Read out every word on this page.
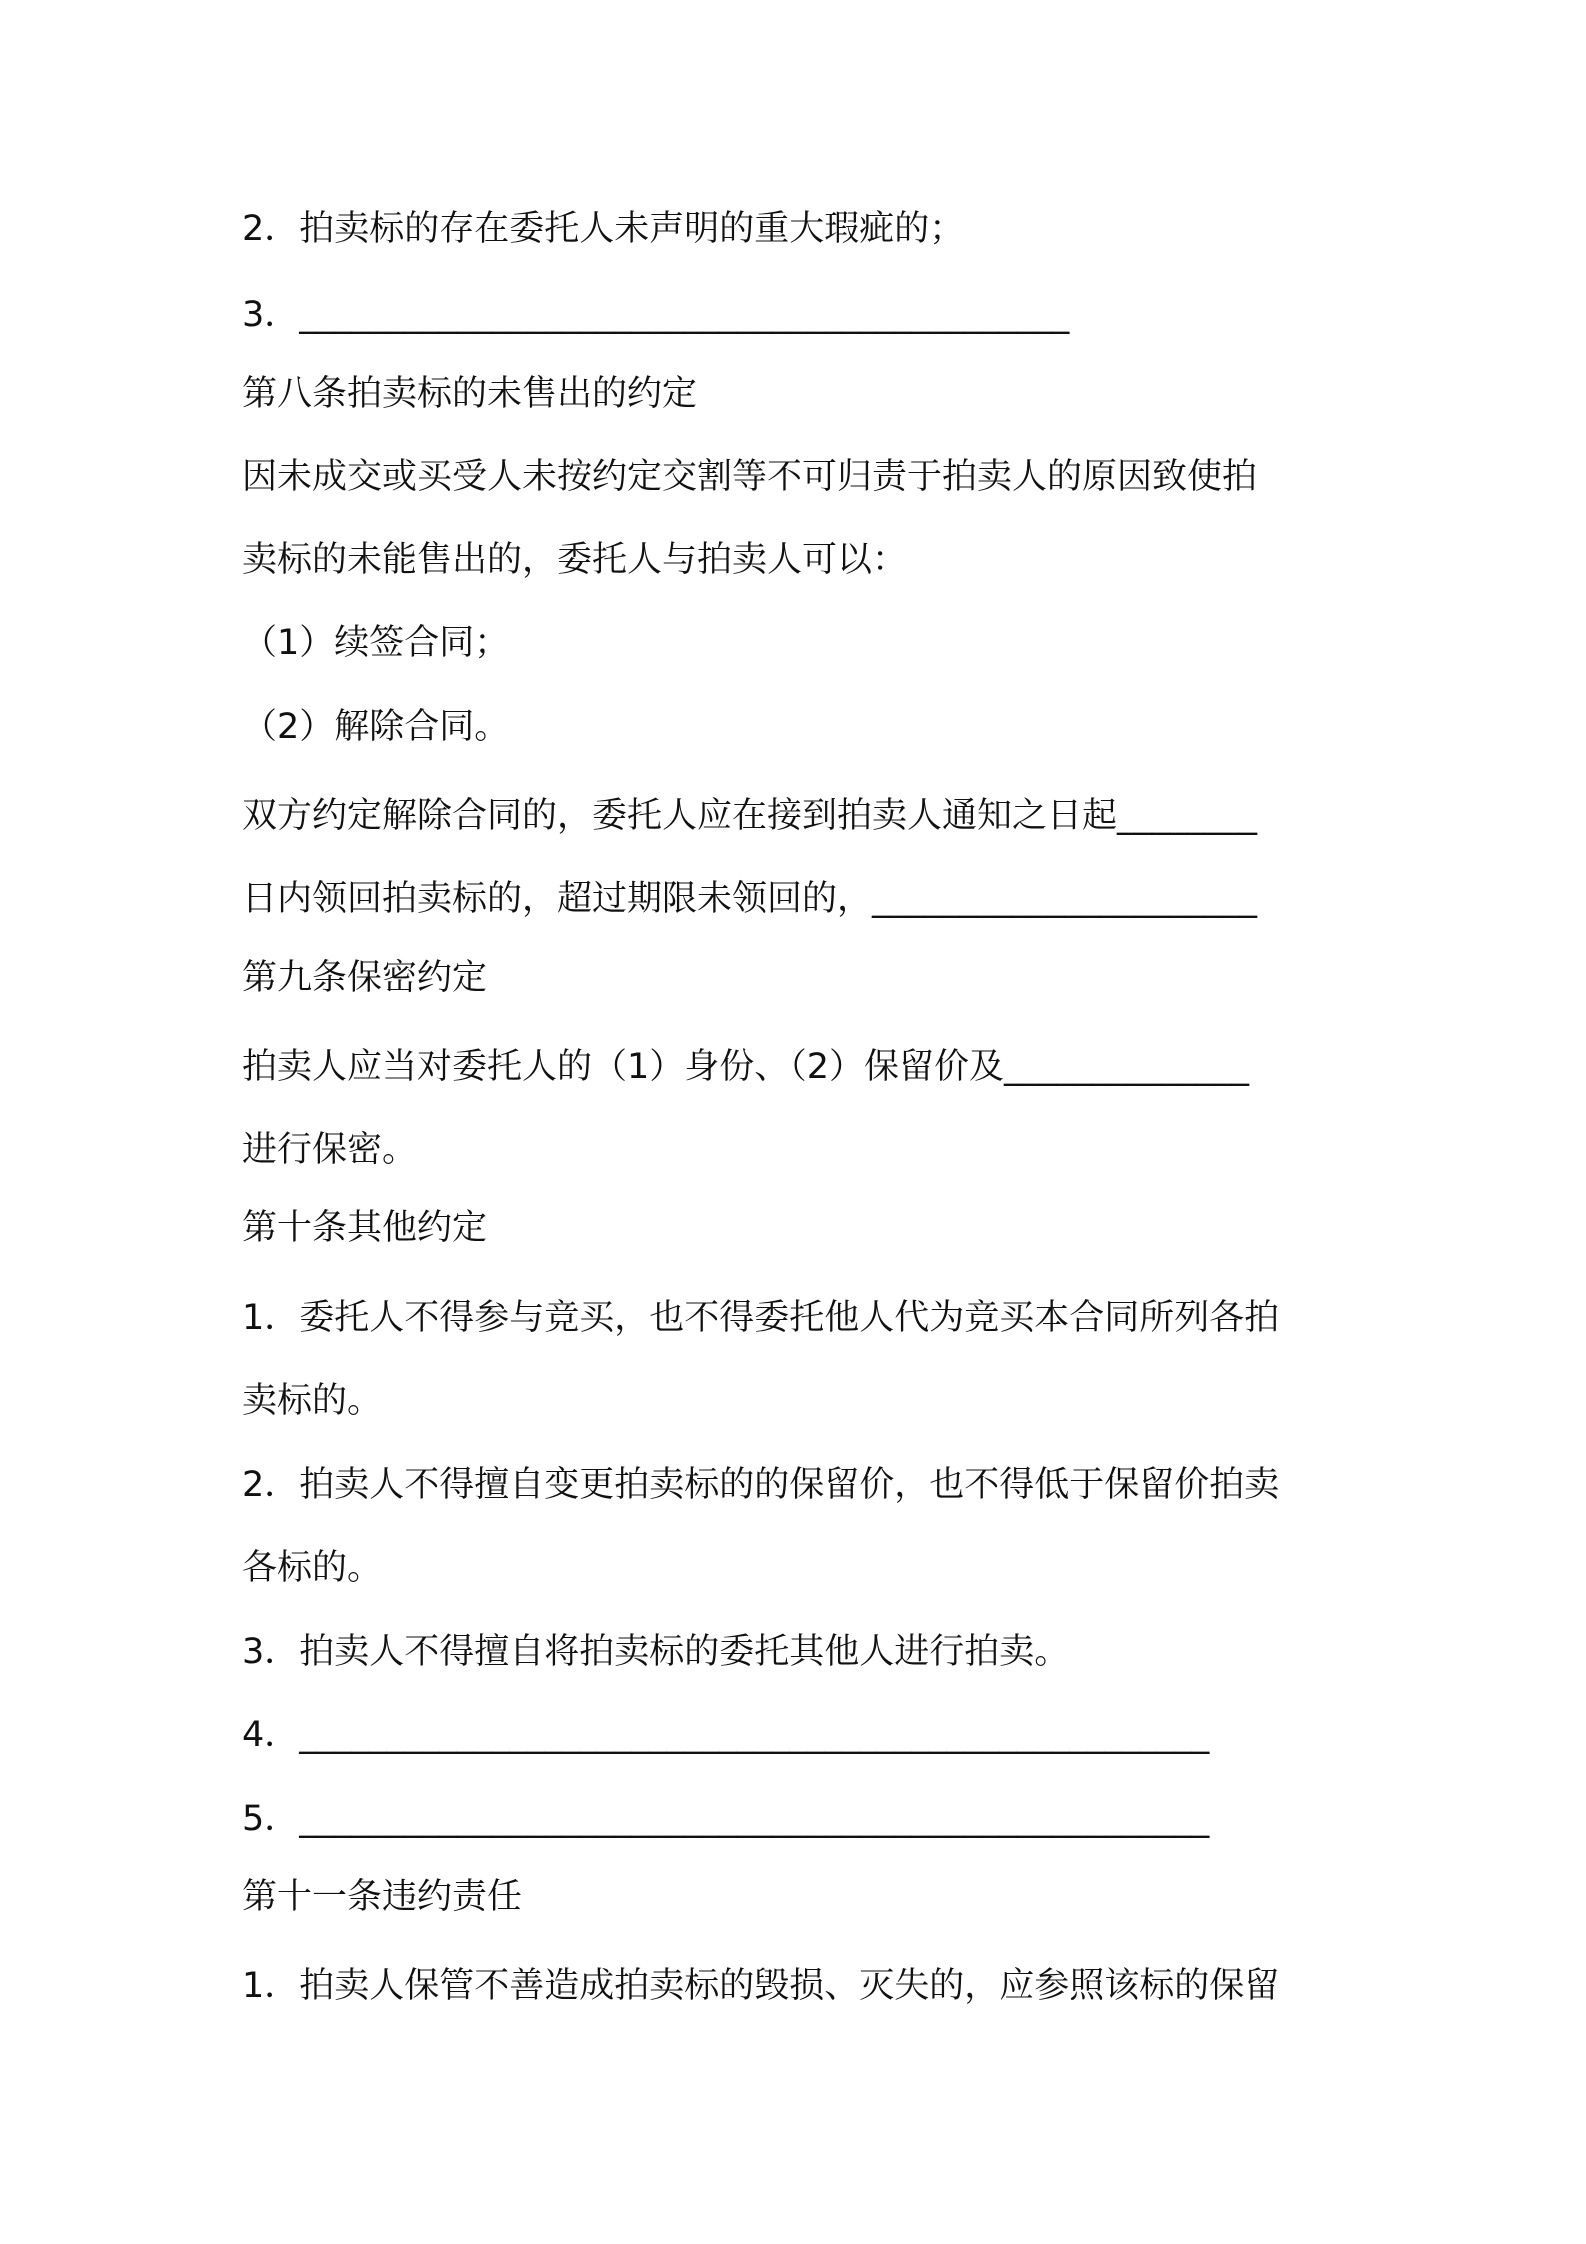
2．拍卖标的存在委托人未声明的重大瑕疵的；
3．____________________________________________
第八条拍卖标的未售出的约定
因未成交或买受人未按约定交割等不可归责于拍卖人的原因致使拍
卖标的未能售出的，委托人与拍卖人可以：
（1）续签合同；
（2）解除合同。
双方约定解除合同的，委托人应在接到拍卖人通知之日起________
日内领回拍卖标的，超过期限未领回的，______________________
第九条保密约定
拍卖人应当对委托人的（1）身份、（2）保留价及______________
进行保密。
第十条其他约定
1．委托人不得参与竞买，也不得委托他人代为竞买本合同所列各拍
卖标的。
2．拍卖人不得擅自变更拍卖标的的保留价，也不得低于保留价拍卖
各标的。
3．拍卖人不得擅自将拍卖标的委托其他人进行拍卖。
4．____________________________________________________
5．____________________________________________________
第十一条违约责任
1．拍卖人保管不善造成拍卖标的毁损、灭失的，应参照该标的保留
